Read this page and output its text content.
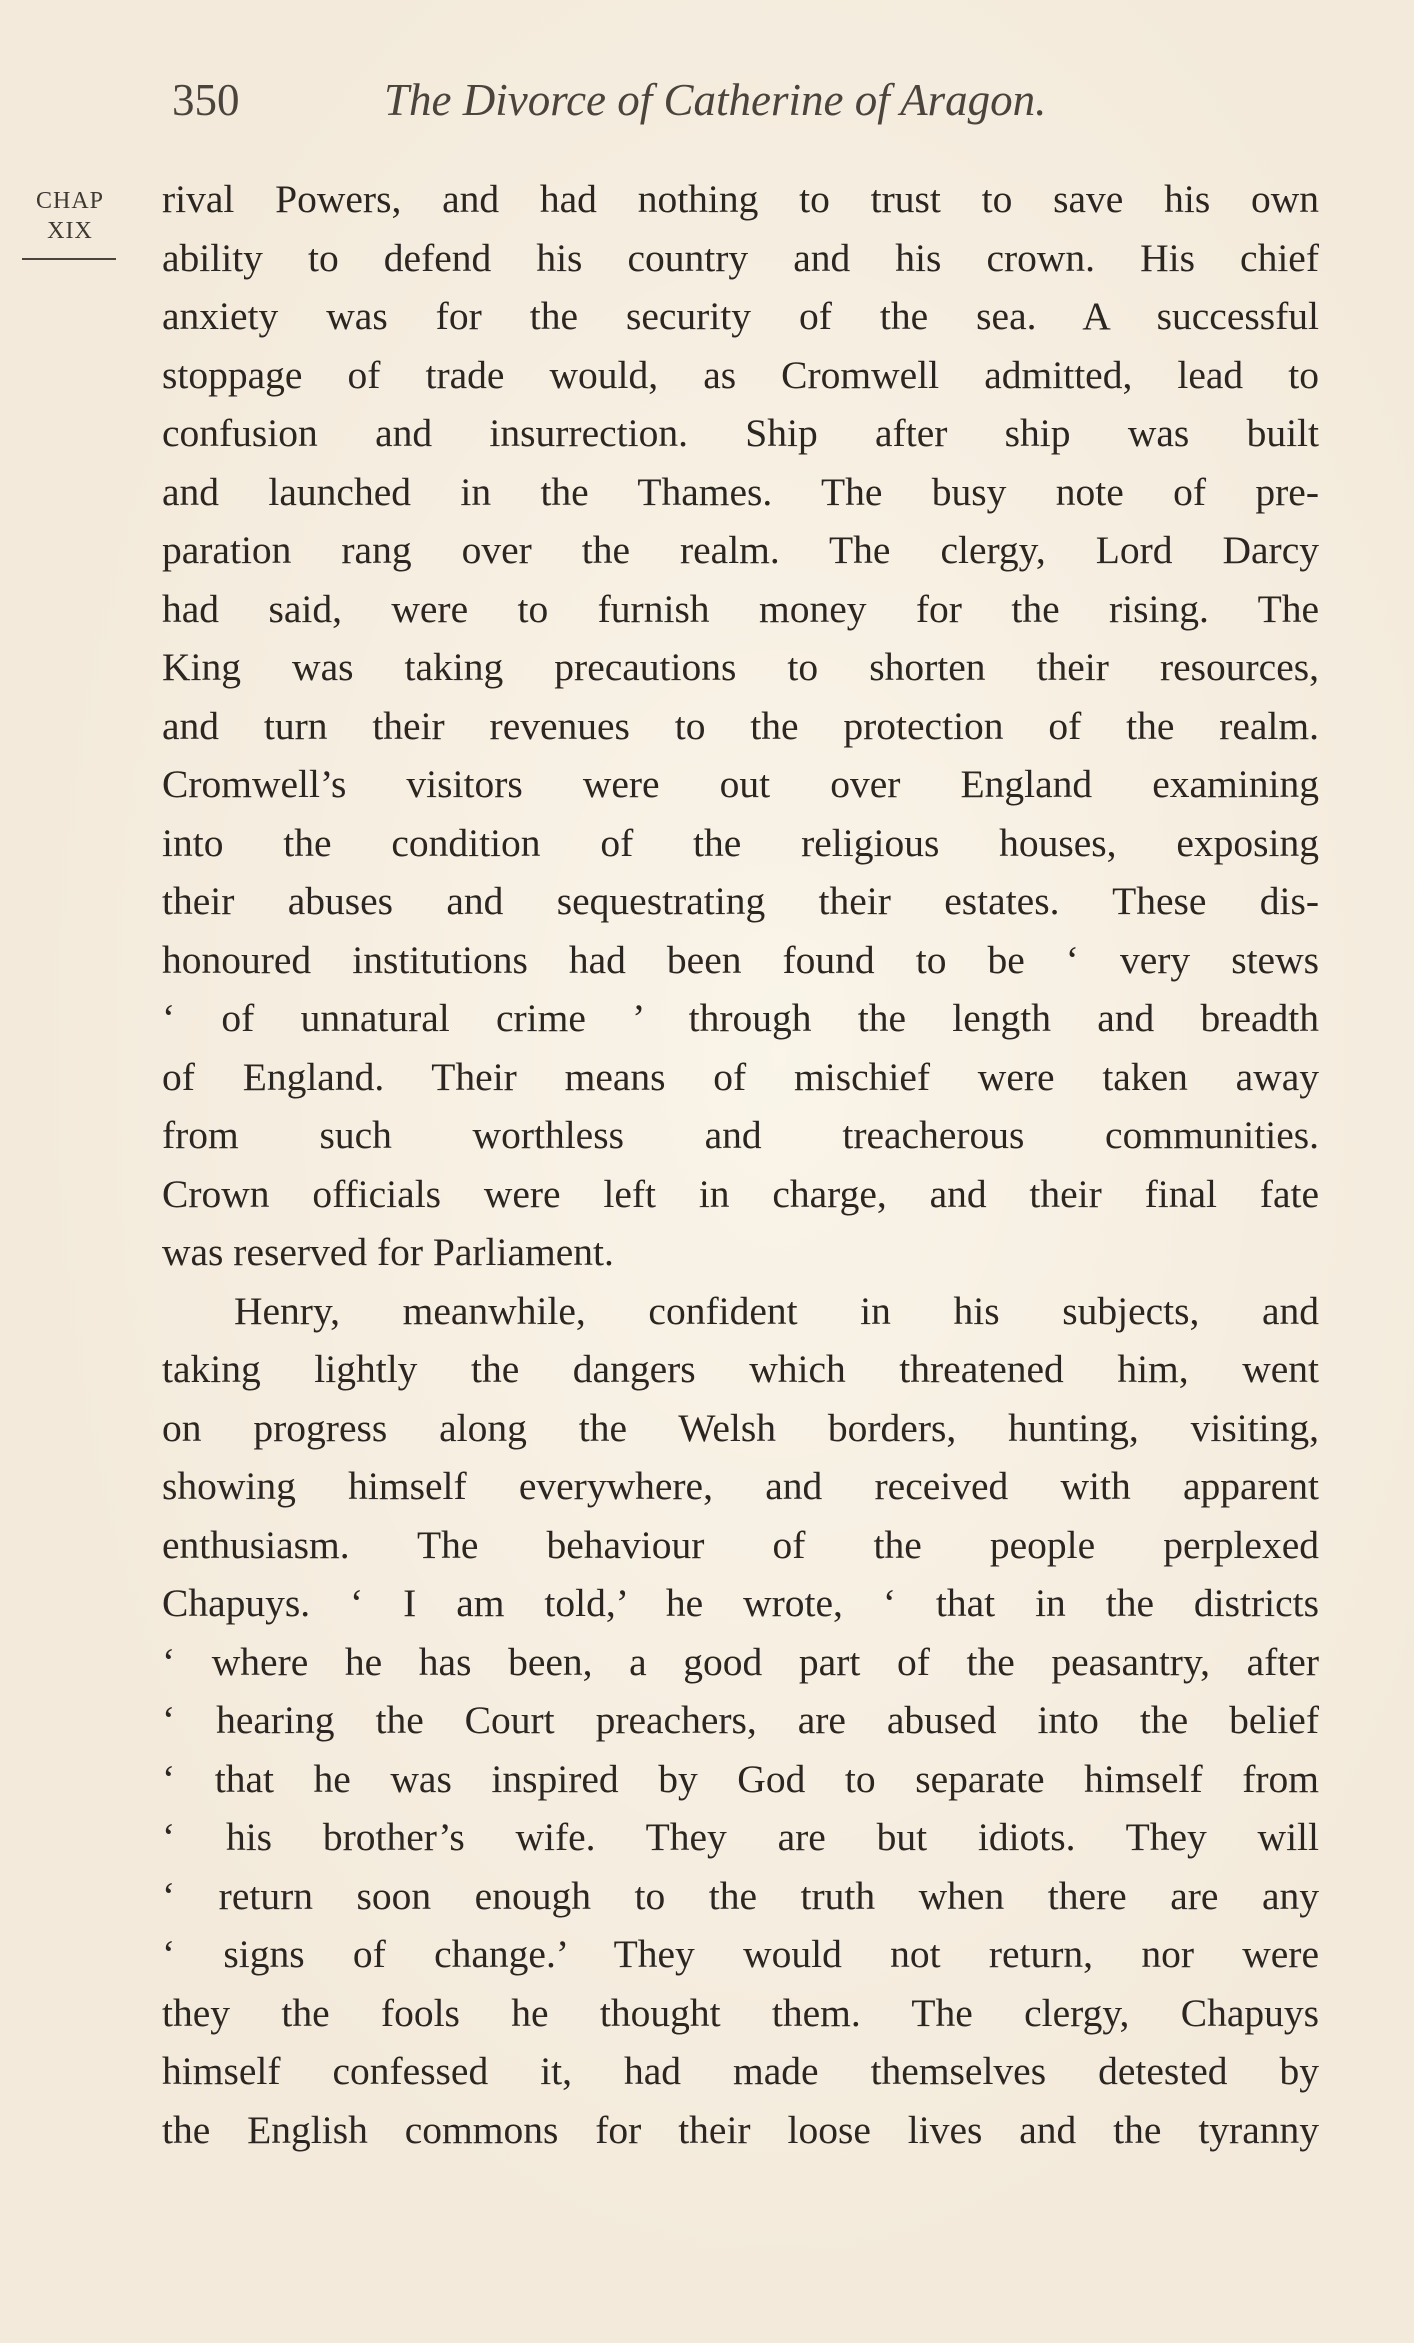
350	The Divorce of Catherine of Aragon.
CHAP
XIX
rival Powers, and had nothing to trust to save his own
ability to defend his country and his crown. His chief
anxiety was for the security of the sea. A successful
stoppage of trade would, as Cromwell admitted, lead to
confusion and insurrection. Ship after ship was built
and launched in the Thames. The busy note of pre-
paration rang over the realm. The clergy, Lord Darcy
had said, were to furnish money for the rising. The
King was taking precautions to shorten their resources,
and turn their revenues to the protection of the realm.
Cromwell’s visitors were out over England examining
into the condition of the religious houses, exposing
their abuses and sequestrating their estates. These dis-
honoured institutions had been found to be ‘ very stews
‘ of unnatural crime ’ through the length and breadth
of England. Their means of mischief were taken away
from such worthless and treacherous communities.
Crown officials were left in charge, and their final fate
was reserved for Parliament.
Henry, meanwhile, confident in his subjects, and
taking lightly the dangers which threatened him, went
on progress along the Welsh borders, hunting, visiting,
showing himself everywhere, and received with apparent
enthusiasm. The behaviour of the people perplexed
Chapuys. ‘ I am told,’ he wrote, ‘ that in the districts
‘ where he has been, a good part of the peasantry, after
‘ hearing the Court preachers, are abused into the belief
‘ that he was inspired by God to separate himself from
‘ his brother’s wife. They are but idiots. They will
‘ return soon enough to the truth when there are any
‘ signs of change.’ They would not return, nor were
they the fools he thought them. The clergy, Chapuys
himself confessed it, had made themselves detested by
the English commons for their loose lives and the tyranny
